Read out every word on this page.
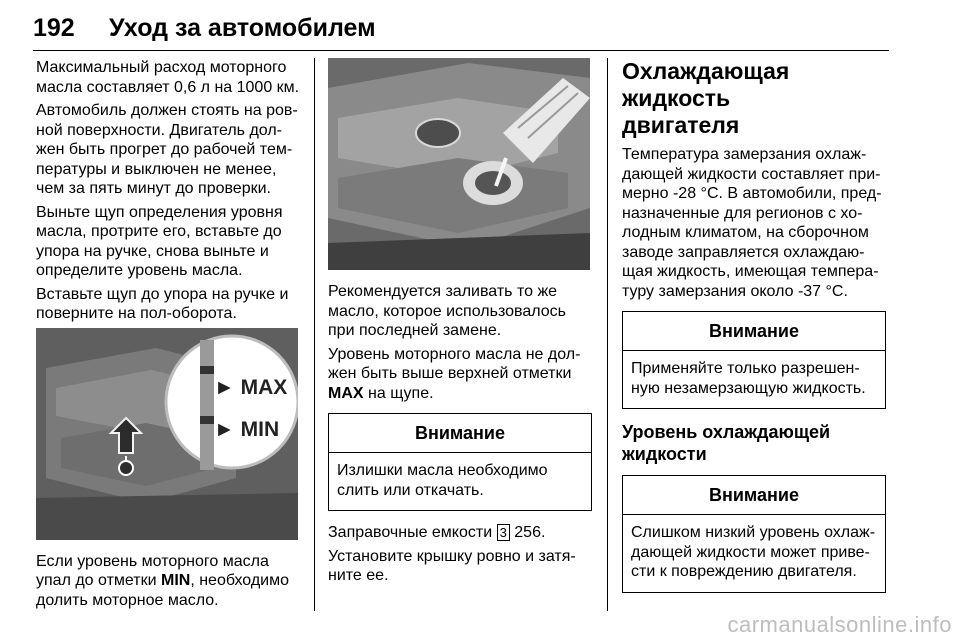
192 Уход за автомобилем

Максимальный расход моторного
масла составляет 0,6 л на 1000 км.

Автомобиль должен стоять на ров-
ной поверхности. Двигатель дол-
жен быть прогрет до рабочей тем-
пературы и выключен не менее,
чем за пять минут до проверки.

Выньте щуп определения уровня
масла, протрите его, вставьте до
упора на ручке, снова выньте и
определите уровень масла.

Вставьте щуп до упора на ручке и
поверните на пол-оборота.

► MAX
► MIN

Если уровень моторного масла
упал до отметки MIN, необходимо
долить моторное масло.

Рекомендуется заливать то же
масло, которое использовалось
при последней замене.

Уровень моторного масла не дол-
жен быть выше верхней отметки
MAX на щупе.

Внимание
Излишки масла необходимо
слить или откачать.

Заправочные емкости 3 256.

Установите крышку ровно и затя-
ните ее.

Охлаждающая жидкость
двигателя

Температура замерзания охлаж-
дающей жидкости составляет при-
мерно -28 °C. В автомобили, пред-
назначенные для регионов с хо-
лодным климатом, на сборочном
заводе заправляется охлаждаю-
щая жидкость, имеющая темпера-
туру замерзания около -37 °C.

Внимание
Применяйте только разрешен-
ную незамерзающую жидкость.
Уровень охлаждающей
жидкости
Внимание
Слишком низкий уровень охлаж-
дающей жидкости может приве-
сти к повреждению двигателя.
carmanualsonline.info
